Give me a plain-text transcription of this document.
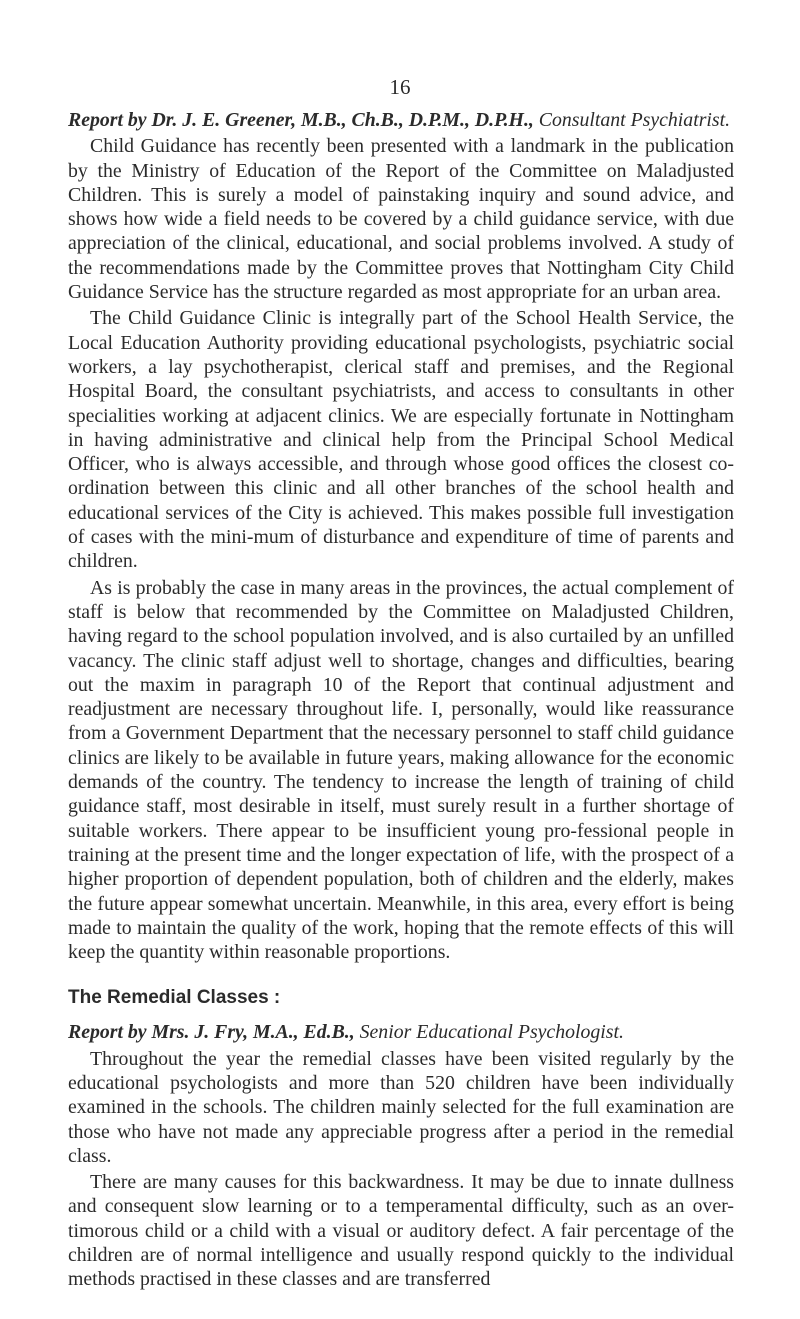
16
Report by Dr. J. E. Greener, M.B., Ch.B., D.P.M., D.P.H., Consultant Psychiatrist.

Child Guidance has recently been presented with a landmark in the publication by the Ministry of Education of the Report of the Committee on Maladjusted Children. This is surely a model of painstaking inquiry and sound advice, and shows how wide a field needs to be covered by a child guidance service, with due appreciation of the clinical, educational, and social problems involved. A study of the recommendations made by the Committee proves that Nottingham City Child Guidance Service has the structure regarded as most appropriate for an urban area.

The Child Guidance Clinic is integrally part of the School Health Service, the Local Education Authority providing educational psychologists, psychiatric social workers, a lay psychotherapist, clerical staff and premises, and the Regional Hospital Board, the consultant psychiatrists, and access to consultants in other specialities working at adjacent clinics. We are especially fortunate in Nottingham in having administrative and clinical help from the Principal School Medical Officer, who is always accessible, and through whose good offices the closest co-ordination between this clinic and all other branches of the school health and educational services of the City is achieved. This makes possible full investigation of cases with the mini-mum of disturbance and expenditure of time of parents and children.

As is probably the case in many areas in the provinces, the actual complement of staff is below that recommended by the Committee on Maladjusted Children, having regard to the school population involved, and is also curtailed by an unfilled vacancy. The clinic staff adjust well to shortage, changes and difficulties, bearing out the maxim in paragraph 10 of the Report that continual adjustment and readjustment are necessary throughout life. I, personally, would like reassurance from a Government Department that the necessary personnel to staff child guidance clinics are likely to be available in future years, making allowance for the economic demands of the country. The tendency to increase the length of training of child guidance staff, most desirable in itself, must surely result in a further shortage of suitable workers. There appear to be insufficient young pro-fessional people in training at the present time and the longer expectation of life, with the prospect of a higher proportion of dependent population, both of children and the elderly, makes the future appear somewhat uncertain. Meanwhile, in this area, every effort is being made to maintain the quality of the work, hoping that the remote effects of this will keep the quantity within reasonable proportions.

The Remedial Classes :
Report by Mrs. J. Fry, M.A., Ed.B., Senior Educational Psychologist.

Throughout the year the remedial classes have been visited regularly by the educational psychologists and more than 520 children have been individually examined in the schools. The children mainly selected for the full examination are those who have not made any appreciable progress after a period in the remedial class.

There are many causes for this backwardness. It may be due to innate dullness and consequent slow learning or to a temperamental difficulty, such as an over-timorous child or a child with a visual or auditory defect. A fair percentage of the children are of normal intelligence and usually respond quickly to the individual methods practised in these classes and are transferred
